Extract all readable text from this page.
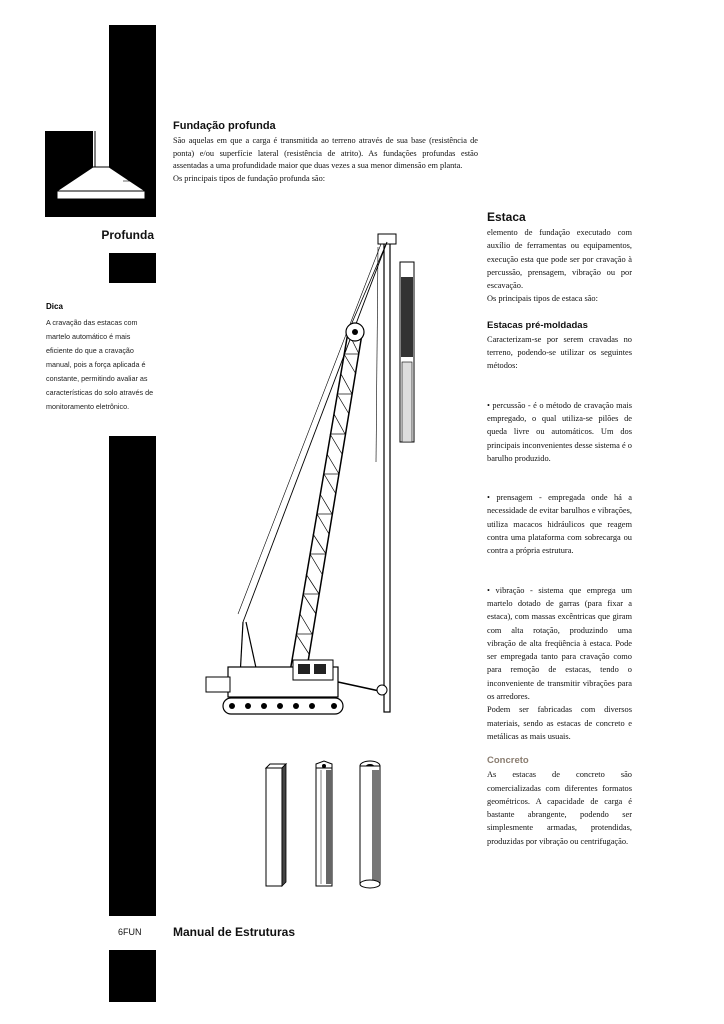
Profunda
Dica
A cravação das estacas com martelo automático é mais eficiente do que a cravação manual, pois a força aplicada é constante, permitindo avaliar as características do solo através de monitoramento eletrônico.
Fundação profunda
São aquelas em que a carga é transmitida ao terreno através de sua base (resistência de ponta) e/ou superfície lateral (resistência de atrito). As fundações profundas estão assentadas a uma profundidade maior que duas vezes a sua menor dimensão em planta.
Os principais tipos de fundação profunda são:
Estaca

elemento de fundação executado com auxílio de ferramentas ou equipamentos, execução esta que pode ser por cravação à percussão, prensagem, vibração ou por escavação.

Os principais tipos de estaca são:

Estacas pré-moldadas

Caracterizam-se por serem cravadas no terreno, podendo-se utilizar os seguintes métodos:

• percussão - é o método de cravação mais empregado, o qual utiliza-se pilões de queda livre ou automáticos. Um dos principais inconvenientes desse sistema é o barulho produzido.

• prensagem - empregada onde há a necessidade de evitar barulhos e vibrações, utiliza macacos hidráulicos que reagem contra uma plataforma com sobrecarga ou contra a própria estrutura.

• vibração - sistema que emprega um martelo dotado de garras (para fixar a estaca), com massas excêntricas que giram com alta rotação, produzindo uma vibração de alta freqüência à estaca. Pode ser empregada tanto para cravação como para remoção de estacas, tendo o inconveniente de transmitir vibrações para os arredores.

Podem ser fabricadas com diversos materiais, sendo as estacas de concreto e metálicas as mais usuais.

Concreto

As estacas de concreto são comercializadas com diferentes formatos geométricos. A capacidade de carga é bastante abrangente, podendo ser simplesmente armadas, protendidas, produzidas por vibração ou centrifugação.

6FUN	Manual de Estruturas
